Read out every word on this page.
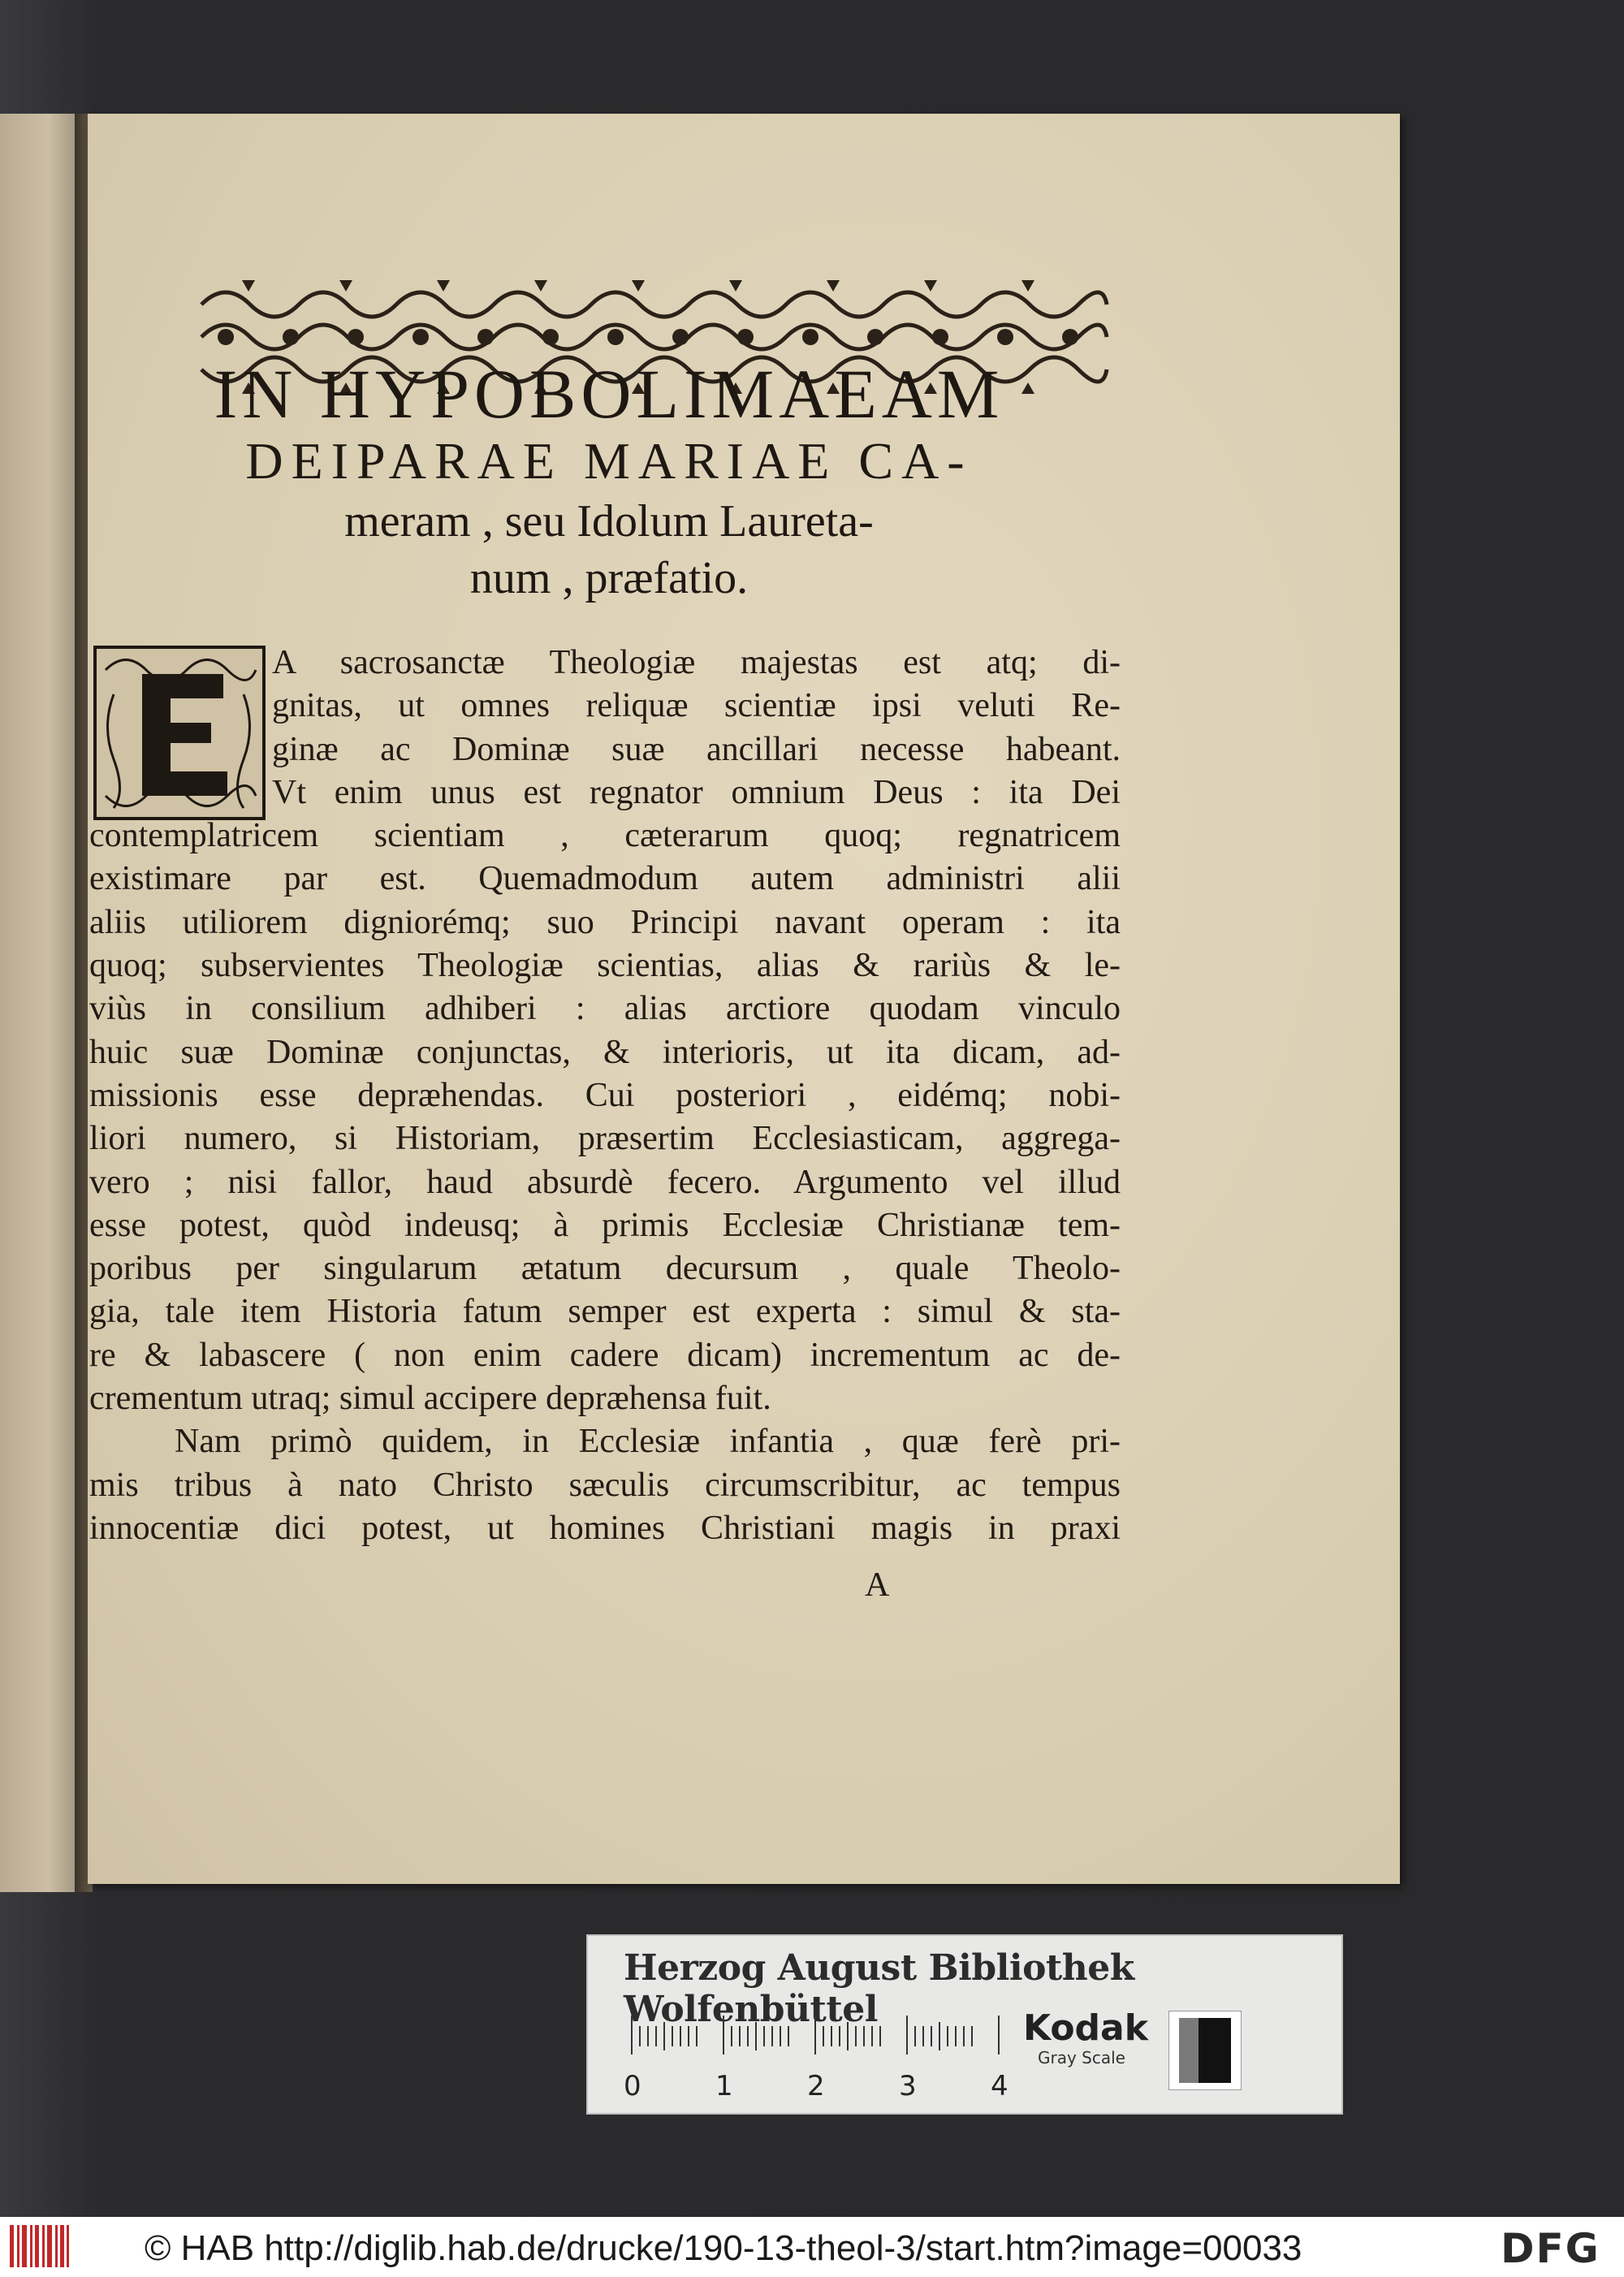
IN HYPOBOLIMAEAM
DEIPARAE MARIAE CA-
meram , seu Idolum Laureta-
num , præfatio.
A sacrosanctæ Theologiæ majestas est atq; di-
gnitas, ut omnes reliquæ scientiæ ipsi veluti Re-
ginæ ac Dominæ suæ ancillari necesse habeant.
Vt enim unus est regnator omnium Deus : ita Dei
contemplatricem scientiam , cæterarum quoq; regnatricem
existimare par est. Quemadmodum autem administri alii
aliis utiliorem digniorémq; suo Principi navant operam : ita
quoq; subservientes Theologiæ scientias, alias & rariùs & le-
viùs in consilium adhiberi : alias arctiore quodam vinculo
huic suæ Dominæ conjunctas, & interioris, ut ita dicam, ad-
missionis esse depræhendas. Cui posteriori , eidémq; nobi-
liori numero, si Historiam, præsertim Ecclesiasticam, aggrega-
vero ; nisi fallor, haud absurdè fecero. Argumento vel illud
esse potest, quòd indeusq; à primis Ecclesiæ Christianæ tem-
poribus per singularum ætatum decursum , quale Theolo-
gia, tale item Historia fatum semper est experta : simul & sta-
re & labascere ( non enim cadere dicam) incrementum ac de-
crementum utraq; simul accipere depræhensa fuit.
Nam primò quidem, in Ecclesiæ infantia , quæ ferè pri-
mis tribus à nato Christo sæculis circumscribitur, ac tempus
innocentiæ dici potest, ut homines Christiani magis in praxi
A
Herzog August Bibliothek Wolfenbüttel
0	1	2	3	4
Kodak
Gray Scale
© HAB http://diglib.hab.de/drucke/190-13-theol-3/start.htm?image=00033	DFG
